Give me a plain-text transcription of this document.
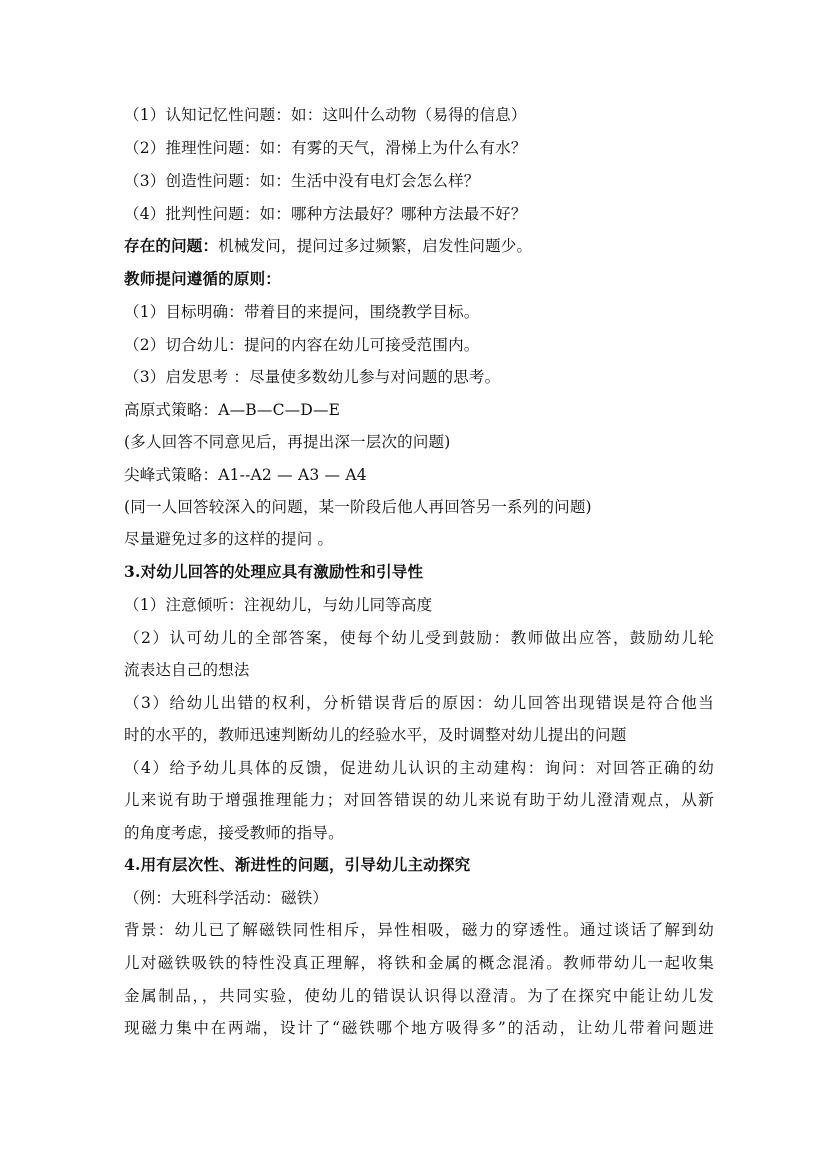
（1）认知记忆性问题：如：这叫什么动物（易得的信息）
（2）推理性问题：如：有雾的天气，滑梯上为什么有水？
（3）创造性问题：如：生活中没有电灯会怎么样？
（4）批判性问题：如：哪种方法最好？哪种方法最不好？
存在的问题：机械发问，提问过多过频繁，启发性问题少。
教师提问遵循的原则：
（1）目标明确：带着目的来提问，围绕教学目标。
（2）切合幼儿：提问的内容在幼儿可接受范围内。
（3）启发思考 ：尽量使多数幼儿参与对问题的思考。
高原式策略：A—B—C—D—E
(多人回答不同意见后，再提出深一层次的问题)
尖峰式策略：A1--A2 — A3 — A4
(同一人回答较深入的问题，某一阶段后他人再回答另一系列的问题)
尽量避免过多的这样的提问 。
3.对幼儿回答的处理应具有激励性和引导性
（1）注意倾听：注视幼儿，与幼儿同等高度
（2）认可幼儿的全部答案，使每个幼儿受到鼓励：教师做出应答，鼓励幼儿轮
流表达自己的想法
（3）给幼儿出错的权利，分析错误背后的原因：幼儿回答出现错误是符合他当
时的水平的，教师迅速判断幼儿的经验水平，及时调整对幼儿提出的问题
（4）给予幼儿具体的反馈，促进幼儿认识的主动建构：询问：对回答正确的幼
儿来说有助于增强推理能力；对回答错误的幼儿来说有助于幼儿澄清观点，从新
的角度考虑，接受教师的指导。
4.用有层次性、渐进性的问题，引导幼儿主动探究
（例：大班科学活动：磁铁）
背景：幼儿已了解磁铁同性相斥，异性相吸，磁力的穿透性。通过谈话了解到幼
儿对磁铁吸铁的特性没真正理解，将铁和金属的概念混淆。教师带幼儿一起收集
金属制品，，共同实验，使幼儿的错误认识得以澄清。为了在探究中能让幼儿发
现磁力集中在两端，设计了“磁铁哪个地方吸得多”的活动，让幼儿带着问题进
